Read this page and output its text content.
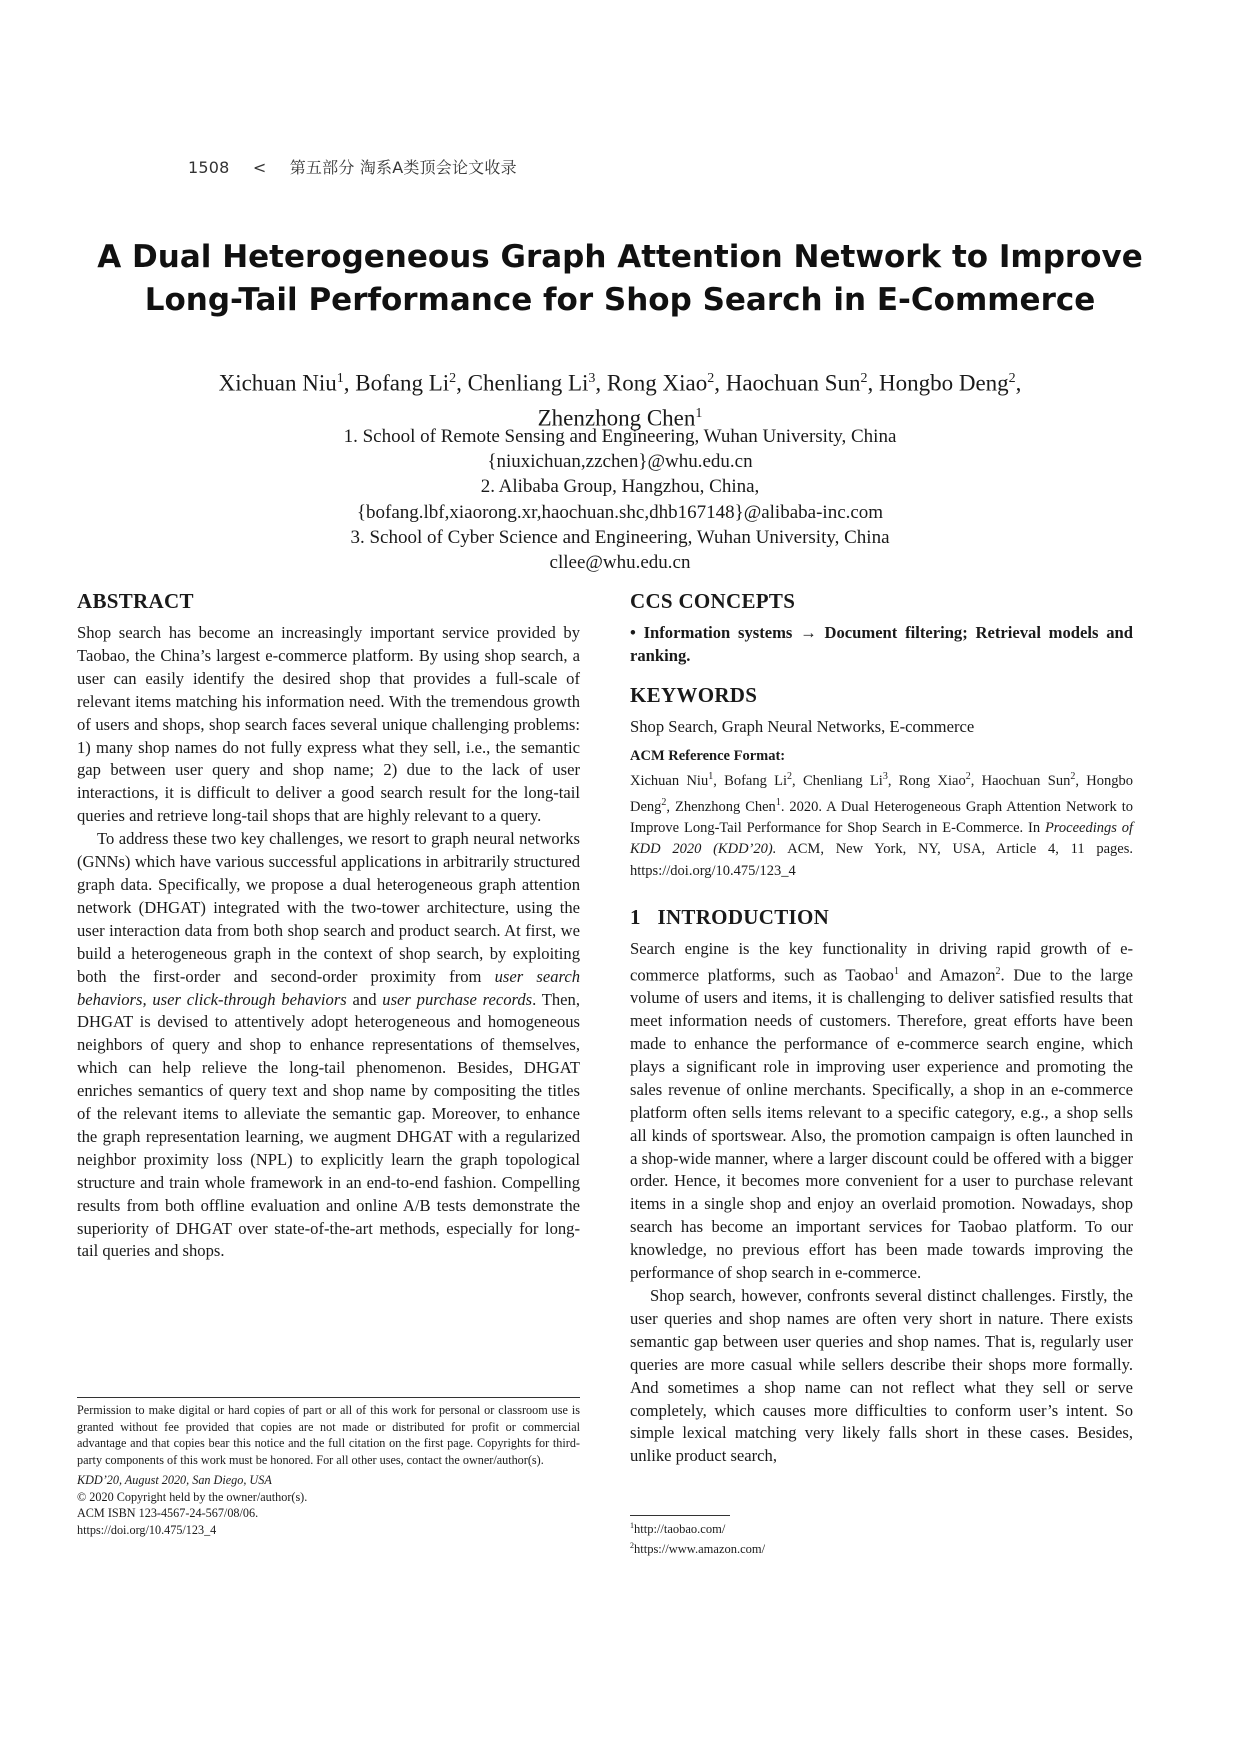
1508 < 第五部分 淘系A类顶会论文收录
A Dual Heterogeneous Graph Attention Network to Improve
Long-Tail Performance for Shop Search in E-Commerce
Xichuan Niu$^1$, Bofang Li$^2$, Chenliang Li$^3$, Rong Xiao$^2$, Haochuan Sun$^2$, Hongbo Deng$^2$,
Zhenzhong Chen$^1$
1. School of Remote Sensing and Engineering, Wuhan University, China
{niuxichuan,zzchen}@whu.edu.cn
2. Alibaba Group, Hangzhou, China,
{bofang.lbf,xiaorong.xr,haochuan.shc,dhb167148}@alibaba-inc.com
3. School of Cyber Science and Engineering, Wuhan University, China
cllee@whu.edu.cn
ABSTRACT

Shop search has become an increasingly important service provided by Taobao, the China’s largest e-commerce platform. By using shop search, a user can easily identify the desired shop that provides a full-scale of relevant items matching his information need. With the tremendous growth of users and shops, shop search faces several unique challenging problems: 1) many shop names do not fully express what they sell, i.e., the semantic gap between user query and shop name; 2) due to the lack of user interactions, it is difficult to deliver a good search result for the long-tail queries and retrieve long-tail shops that are highly relevant to a query.

To address these two key challenges, we resort to graph neural networks (GNNs) which have various successful applications in arbitrarily structured graph data. Specifically, we propose a dual heterogeneous graph attention network (DHGAT) integrated with the two-tower architecture, using the user interaction data from both shop search and product search. At first, we build a heterogeneous graph in the context of shop search, by exploiting both the first-order and second-order proximity from user search behaviors, user click-through behaviors and user purchase records. Then, DHGAT is devised to attentively adopt heterogeneous and homogeneous neighbors of query and shop to enhance representations of themselves, which can help relieve the long-tail phenomenon. Besides, DHGAT enriches semantics of query text and shop name by compositing the titles of the relevant items to alleviate the semantic gap. Moreover, to enhance the graph representation learning, we augment DHGAT with a regularized neighbor proximity loss (NPL) to explicitly learn the graph topological structure and train whole framework in an end-to-end fashion. Compelling results from both offline evaluation and online A/B tests demonstrate the superiority of DHGAT over state-of-the-art methods, especially for long-tail queries and shops.

Permission to make digital or hard copies of part or all of this work for personal or classroom use is granted without fee provided that copies are not made or distributed for profit or commercial advantage and that copies bear this notice and the full citation on the first page. Copyrights for third-party components of this work must be honored. For all other uses, contact the owner/author(s).

KDD’20, August 2020, San Diego, USA

© 2020 Copyright held by the owner/author(s).

ACM ISBN 123-4567-24-567/08/06.

https://doi.org/10.475/123_4

CCS CONCEPTS

• Information systems → Document filtering; Retrieval models and ranking.

KEYWORDS

Shop Search, Graph Neural Networks, E-commerce

ACM Reference Format:

Xichuan Niu$^1$, Bofang Li$^2$, Chenliang Li$^3$, Rong Xiao$^2$, Haochuan Sun$^2$, Hongbo Deng$^2$, Zhenzhong Chen$^1$. 2020. A Dual Heterogeneous Graph Attention Network to Improve Long-Tail Performance for Shop Search in E-Commerce. In Proceedings of KDD 2020 (KDD’20). ACM, New York, NY, USA, Article 4, 11 pages. https://doi.org/10.475/123_4

1 INTRODUCTION

Search engine is the key functionality in driving rapid growth of e-commerce platforms, such as Taobao$^1$ and Amazon$^2$. Due to the large volume of users and items, it is challenging to deliver satisfied results that meet information needs of customers. Therefore, great efforts have been made to enhance the performance of e-commerce search engine, which plays a significant role in improving user experience and promoting the sales revenue of online merchants. Specifically, a shop in an e-commerce platform often sells items relevant to a specific category, e.g., a shop sells all kinds of sportswear. Also, the promotion campaign is often launched in a shop-wide manner, where a larger discount could be offered with a bigger order. Hence, it becomes more convenient for a user to purchase relevant items in a single shop and enjoy an overlaid promotion. Nowadays, shop search has become an important services for Taobao platform. To our knowledge, no previous effort has been made towards improving the performance of shop search in e-commerce.

Shop search, however, confronts several distinct challenges. Firstly, the user queries and shop names are often very short in nature. There exists semantic gap between user queries and shop names. That is, regularly user queries are more casual while sellers describe their shops more formally. And sometimes a shop name can not reflect what they sell or serve completely, which causes more difficulties to conform user’s intent. So simple lexical matching very likely falls short in these cases. Besides, unlike product search,

$^1$http://taobao.com/
$^2$https://www.amazon.com/
